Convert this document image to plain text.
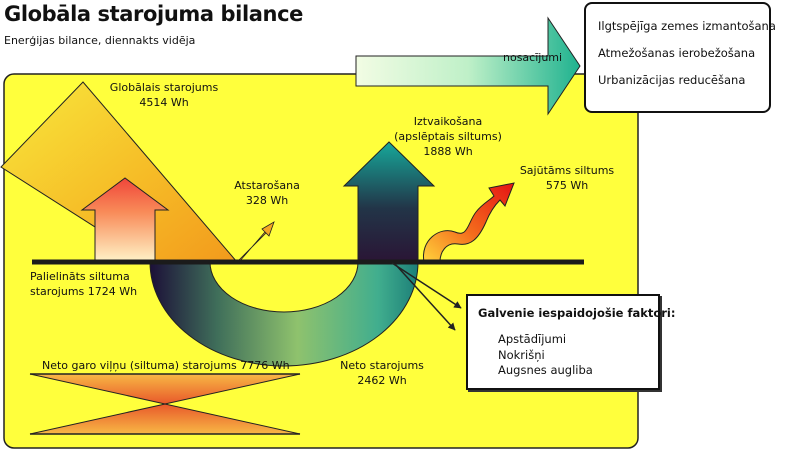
Globāla starojuma bilance
Enerģijas bilance, diennakts vidēja
Globālais starojums
4514 Wh
Atstarošana
328 Wh
Iztvaikošana
(apslēptais siltums)
1888 Wh
Sajūtāms siltums
575 Wh
Palielināts siltuma
starojums 1724 Wh
Neto starojums
2462 Wh
Neto garo viļņu (siltuma) starojums 7776 Wh
nosacījumi
Ilgtspējīga zemes izmantošana
Atmežošanas ierobežošana
Urbanizācijas reducēšana
Galvenie iespaidojošie faktori:
Apstādījumi
Nokrišņi
Augsnes augliba
